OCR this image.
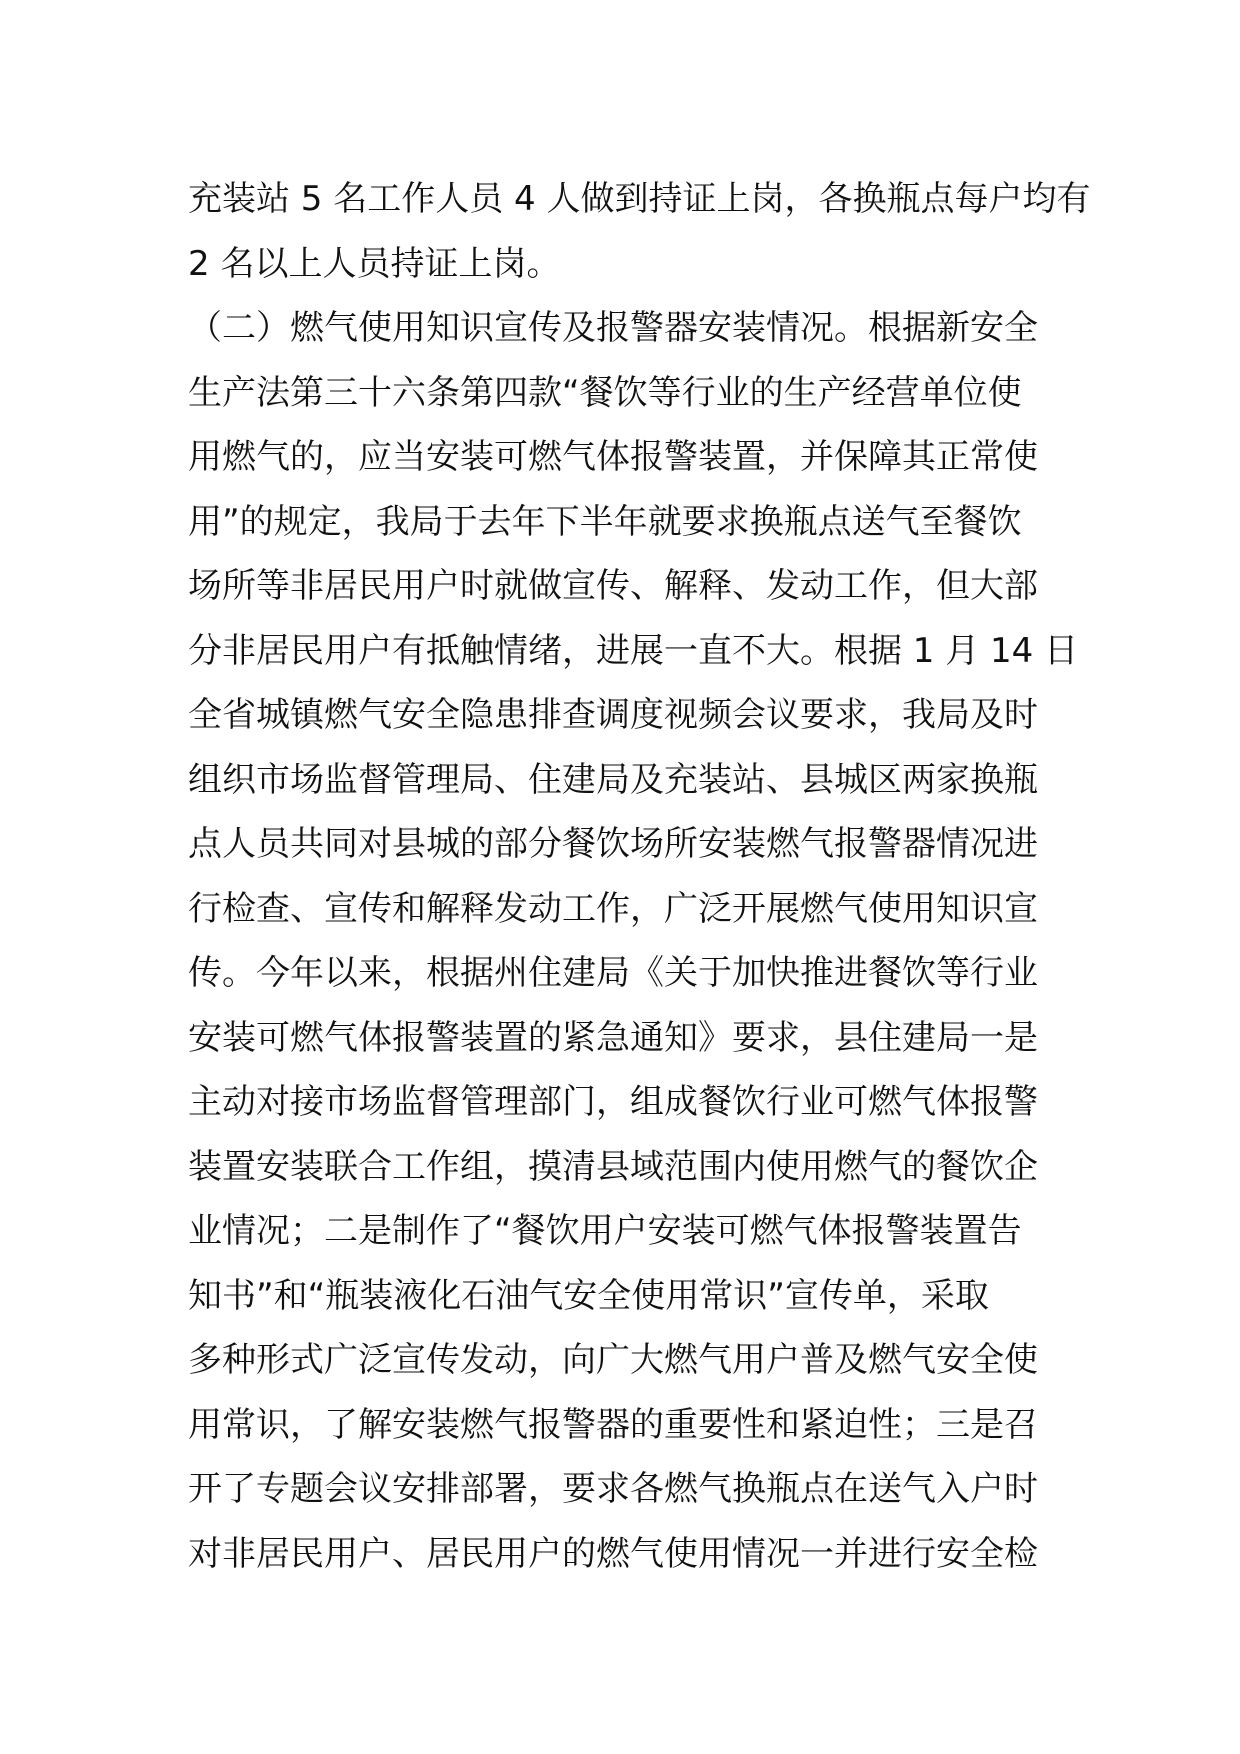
充装站 5 名工作人员 4 人做到持证上岗，各换瓶点每户均有
2 名以上人员持证上岗。
（二）燃气使用知识宣传及报警器安装情况。根据新安全
生产法第三十六条第四款“餐饮等行业的生产经营单位使
用燃气的，应当安装可燃气体报警装置，并保障其正常使
用”的规定，我局于去年下半年就要求换瓶点送气至餐饮
场所等非居民用户时就做宣传、解释、发动工作，但大部
分非居民用户有抵触情绪，进展一直不大。根据 1 月 14 日
全省城镇燃气安全隐患排查调度视频会议要求，我局及时
组织市场监督管理局、住建局及充装站、县城区两家换瓶
点人员共同对县城的部分餐饮场所安装燃气报警器情况进
行检查、宣传和解释发动工作，广泛开展燃气使用知识宣
传。今年以来，根据州住建局《关于加快推进餐饮等行业
安装可燃气体报警装置的紧急通知》要求，县住建局一是
主动对接市场监督管理部门，组成餐饮行业可燃气体报警
装置安装联合工作组，摸清县域范围内使用燃气的餐饮企
业情况；二是制作了“餐饮用户安装可燃气体报警装置告
知书”和“瓶装液化石油气安全使用常识”宣传单，采取
多种形式广泛宣传发动，向广大燃气用户普及燃气安全使
用常识，了解安装燃气报警器的重要性和紧迫性；三是召
开了专题会议安排部署，要求各燃气换瓶点在送气入户时
对非居民用户、居民用户的燃气使用情况一并进行安全检
